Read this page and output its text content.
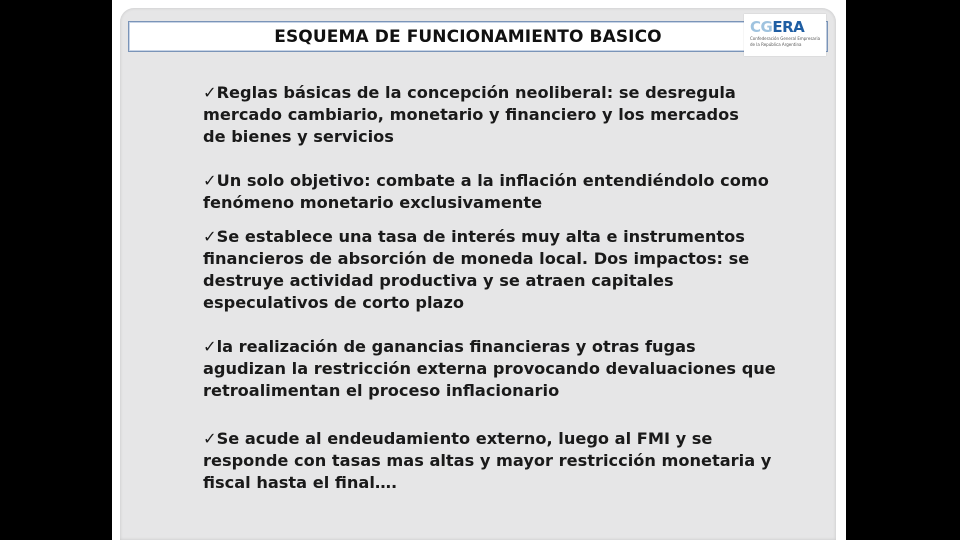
ESQUEMA DE FUNCIONAMIENTO BASICO	CGERA
Confederación General Empresaria
de la República Argentina
✓Reglas básicas de la concepción neoliberal: se desregula
mercado cambiario, monetario y financiero y los mercados
de bienes y servicios
✓Un solo objetivo: combate a la inflación entendiéndolo como
fenómeno monetario exclusivamente
✓Se establece una tasa de interés muy alta e instrumentos
financieros de absorción de moneda local. Dos impactos: se
destruye actividad productiva y se atraen capitales
especulativos de corto plazo
✓la realización de ganancias financieras y otras fugas
agudizan la restricción externa provocando devaluaciones que
retroalimentan el proceso inflacionario
✓Se acude al endeudamiento externo, luego al FMI y se
responde con tasas mas altas y mayor restricción monetaria y
fiscal hasta el final….
